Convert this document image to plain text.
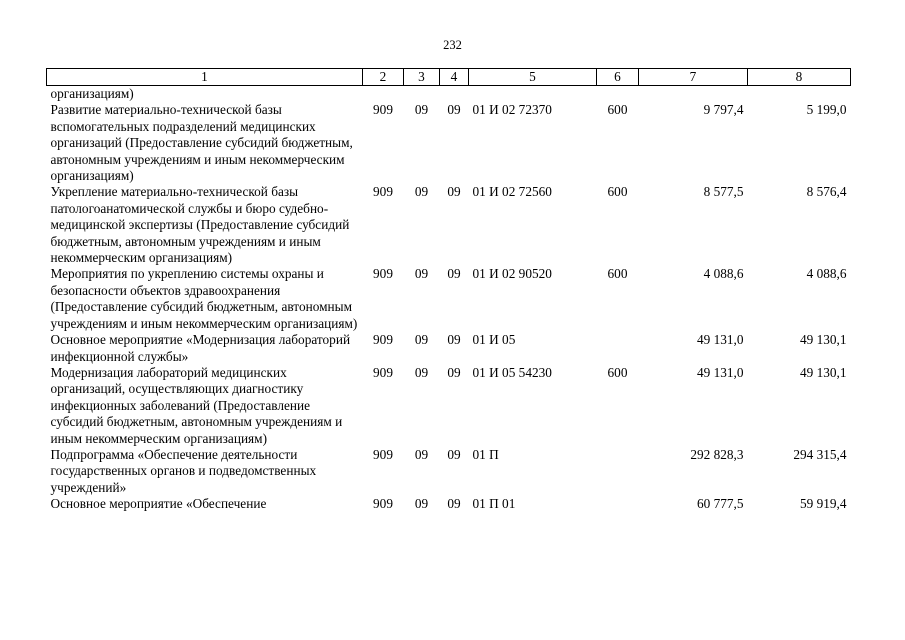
232
1	2	3	4	5	6	7	8
организациям)							
Развитие материально-технической базы вспомогательных подразделений медицинских организаций (Предоставление субсидий бюджетным, автономным учреждениям и иным некоммерческим организациям)	909	09	09	01 И 02 72370	600	9 797,4	5 199,0
Укрепление материально-технической базы патологоанатомической службы и бюро судебно-медицинской экспертизы (Предоставление субсидий бюджетным, автономным учреждениям и иным некоммерческим организациям)	909	09	09	01 И 02 72560	600	8 577,5	8 576,4
Мероприятия по укреплению системы охраны и безопасности объектов здравоохранения (Предоставление субсидий бюджетным, автономным учреждениям и иным некоммерческим организациям)	909	09	09	01 И 02 90520	600	4 088,6	4 088,6
Основное мероприятие «Модернизация лабораторий инфекционной службы»	909	09	09	01 И 05		49 131,0	49 130,1
Модернизация лабораторий медицинских организаций, осуществляющих диагностику инфекционных заболеваний (Предоставление субсидий бюджетным, автономным учреждениям и иным некоммерческим организациям)	909	09	09	01 И 05 54230	600	49 131,0	49 130,1
Подпрограмма «Обеспечение деятельности государственных органов и подведомственных учреждений»	909	09	09	01 П		292 828,3	294 315,4
Основное мероприятие «Обеспечение	909	09	09	01 П 01		60 777,5	59 919,4
